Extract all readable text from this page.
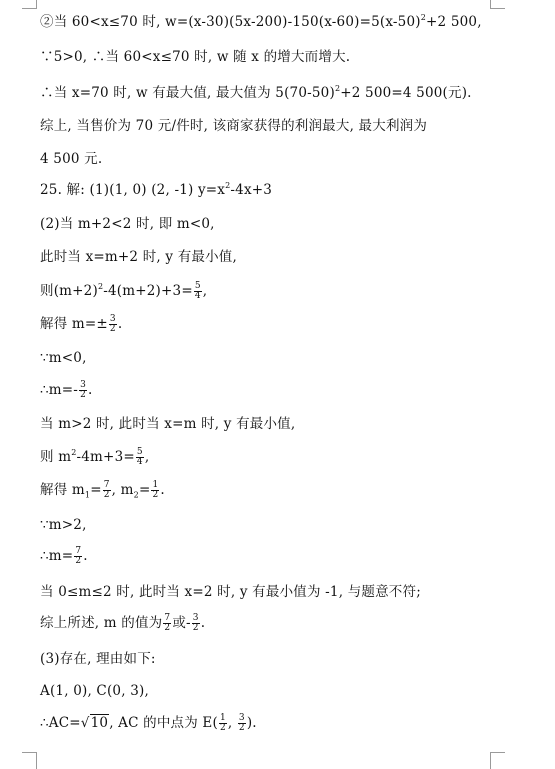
②当 60<x≤70 时, $w=(x-30)(5x-200)-150(x-60)=5(x-50)^2+2$ 500,
∵5>0, ∴当 60<x≤70 时, w 随 x 的增大而增大.
∴当 x=70 时, w 有最大值, 最大值为 $5(70-50)^2+2$ 500=4 500(元).
综上, 当售价为 70 元/件时, 该商家获得的利润最大, 最大利润为
4 500 元.
25. 解: (1)(1, 0) (2, -1) $y=x^2-4x+3$
(2)当 m+2<2 时, 即 m<0,
此时当 x=m+2 时, y 有最小值,
则$(m+2)^2-4(m+2)+3= \frac{5}{4}$ ,
解得 $m=\pm \frac{3}{2}$ .
∵m<0,
∴m=- $\frac{3}{2}$ .
当 m>2 时, 此时当 x=m 时, y 有最小值,
则 $m^2-4m+3= \frac{5}{4}$ ,
解得 $m_1= \frac{7}{2}$ , $m_2= \frac{1}{2}$ .
∵m>2,
∴m= $\frac{7}{2}$ .
当 0≤m≤2 时, 此时当 x=2 时, y 有最小值为 -1, 与题意不符;
综上所述, m 的值为 $\frac{7}{2}$ 或- $\frac{3}{2}$ .
(3)存在, 理由如下:
A(1, 0), C(0, 3),
∴AC=√10, AC 的中点为 $E( \frac{1}{2}$ , $\frac{3}{2}$ ).
